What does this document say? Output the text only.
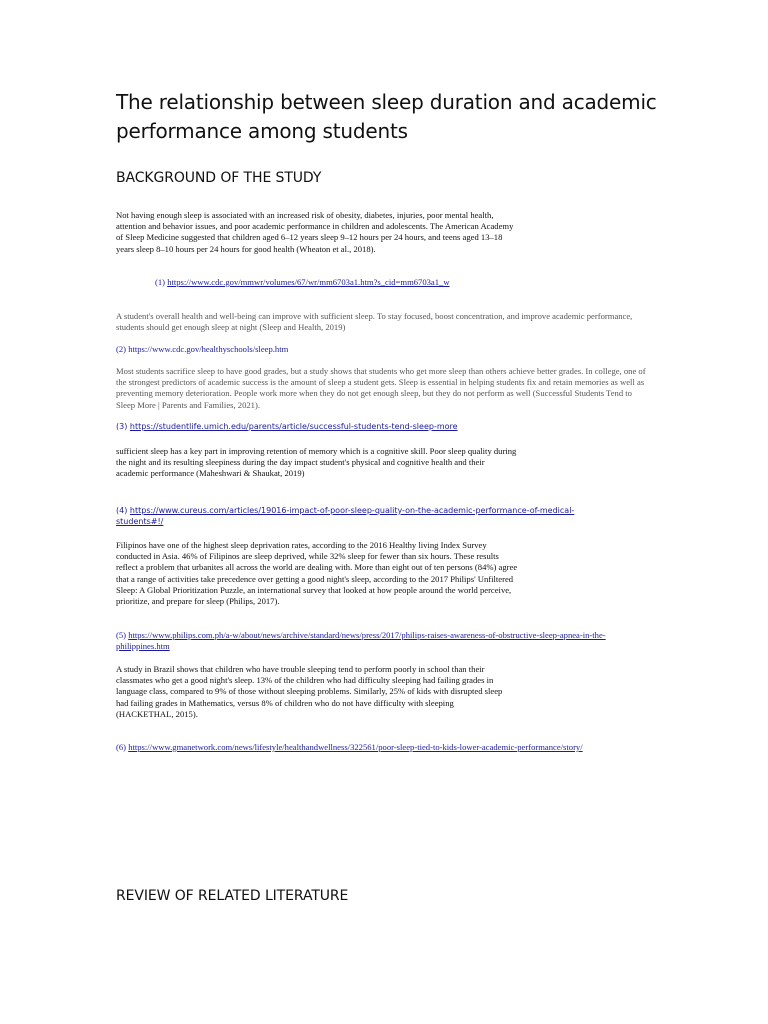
The relationship between sleep duration and academic performance among students
BACKGROUND OF THE STUDY

Not having enough sleep is associated with an increased risk of obesity, diabetes, injuries, poor mental health, attention and behavior issues, and poor academic performance in children and adolescents. The American Academy of Sleep Medicine suggested that children aged 6–12 years sleep 9–12 hours per 24 hours, and teens aged 13–18 years sleep 8–10 hours per 24 hours for good health (Wheaton et al., 2018).

(1) https://www.cdc.gov/mmwr/volumes/67/wr/mm6703a1.htm?s_cid=mm6703a1_w

A student's overall health and well-being can improve with sufficient sleep. To stay focused, boost concentration, and improve academic performance, students should get enough sleep at night (Sleep and Health, 2019)

(2) https://www.cdc.gov/healthyschools/sleep.htm

Most students sacrifice sleep to have good grades, but a study shows that students who get more sleep than others achieve better grades. In college, one of the strongest predictors of academic success is the amount of sleep a student gets. Sleep is essential in helping students fix and retain memories as well as preventing memory deterioration. People work more when they do not get enough sleep, but they do not perform as well (Successful Students Tend to Sleep More | Parents and Families, 2021).

(3) https://studentlife.umich.edu/parents/article/successful-students-tend-sleep-more

sufficient sleep has a key part in improving retention of memory which is a cognitive skill. Poor sleep quality during the night and its resulting sleepiness during the day impact student's physical and cognitive health and their academic performance (Maheshwari & Shaukat, 2019)

(4) https://www.cureus.com/articles/19016-impact-of-poor-sleep-quality-on-the-academic-performance-of-medical-students#!/

Filipinos have one of the highest sleep deprivation rates, according to the 2016 Healthy living Index Survey conducted in Asia. 46% of Filipinos are sleep deprived, while 32% sleep for fewer than six hours. These results reflect a problem that urbanites all across the world are dealing with. More than eight out of ten persons (84%) agree that a range of activities take precedence over getting a good night's sleep, according to the 2017 Philips' Unfiltered Sleep: A Global Prioritization Puzzle, an international survey that looked at how people around the world perceive, prioritize, and prepare for sleep (Philips, 2017).

(5) https://www.philips.com.ph/a-w/about/news/archive/standard/news/press/2017/philips-raises-awareness-of-obstructive-sleep-apnea-in-the-philippines.htm

A study in Brazil shows that children who have trouble sleeping tend to perform poorly in school than their classmates who get a good night's sleep. 13% of the children who had difficulty sleeping had failing grades in language class, compared to 9% of those without sleeping problems. Similarly, 25% of kids with disrupted sleep had failing grades in Mathematics, versus 8% of children who do not have difficulty with sleeping (HACKETHAL, 2015).

(6) https://www.gmanetwork.com/news/lifestyle/healthandwellness/322561/poor-sleep-tied-to-kids-lower-academic-performance/story/

REVIEW OF RELATED LITERATURE
